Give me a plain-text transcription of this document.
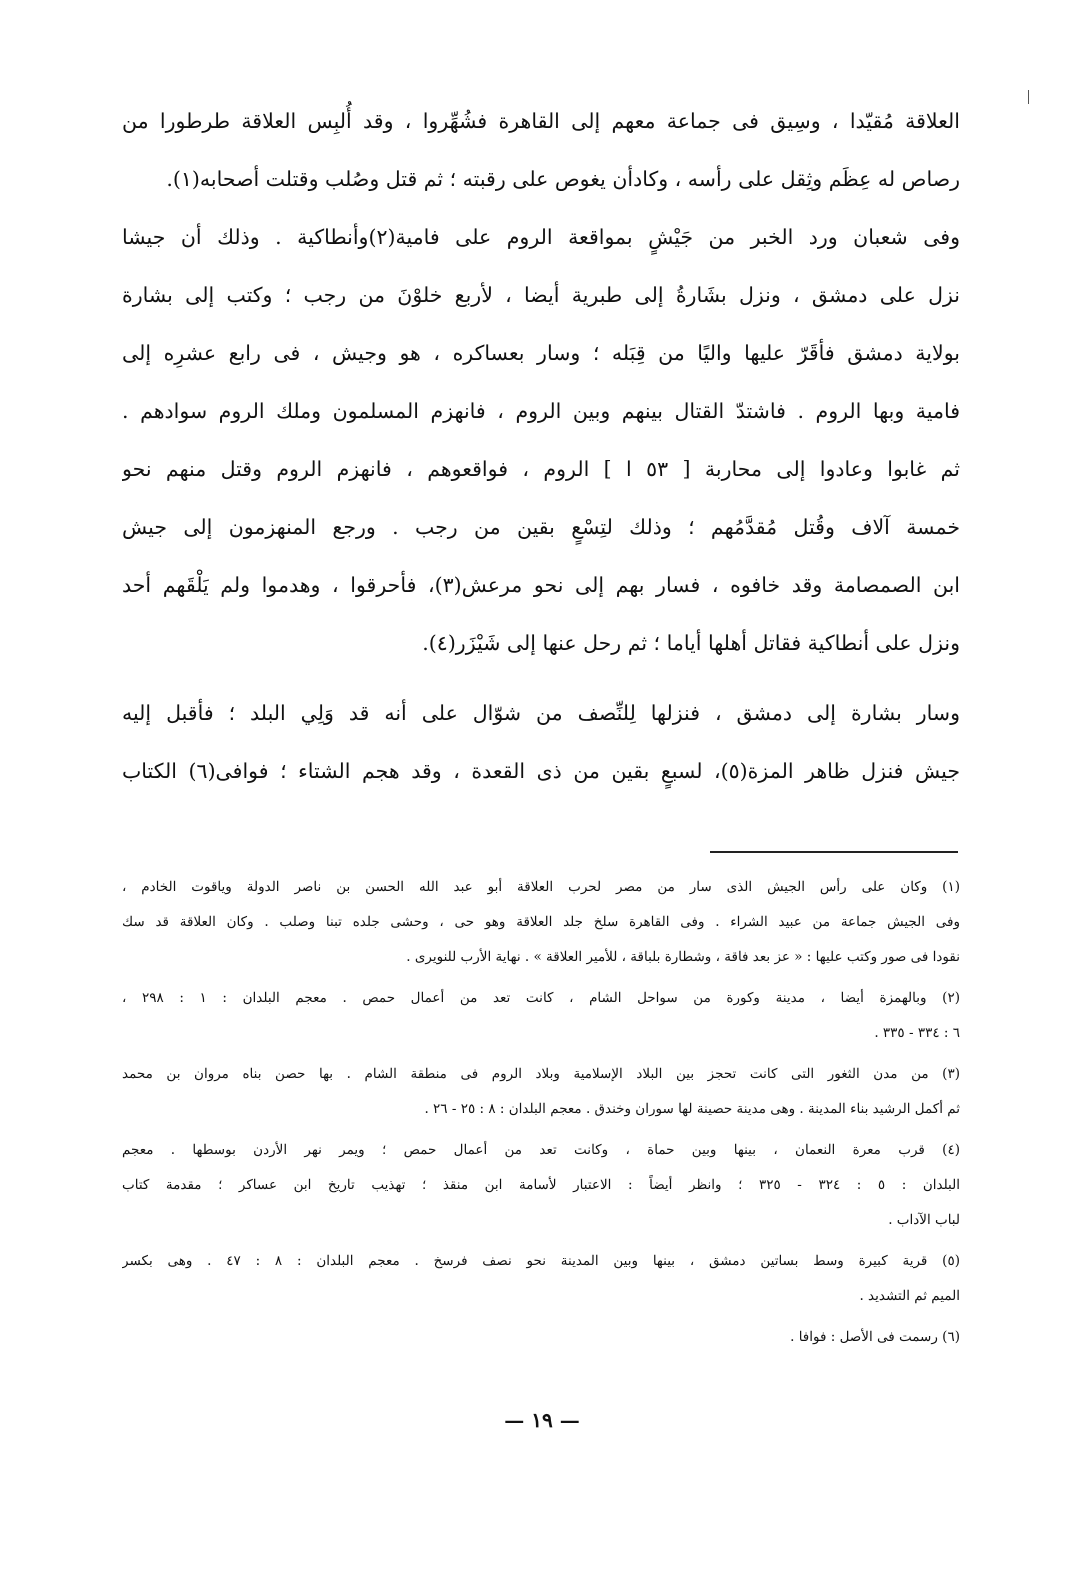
العلاقة مُقيّدا ، وسِيق فى جماعة معهم إلى القاهرة فشُهِّروا ، وقد أُلبِس العلاقة طرطورا من
رصاص له عِظَم وثِقل على رأسه ، وكادأن يغوص على رقبته ؛ ثم قتل وصُلب وقتلت أصحابه(١).
وفى شعبان ورد الخبر من جَيْشٍ بمواقعة الروم على فامية(٢)وأنطاكية . وذلك أن جيشا
نزل على دمشق ، ونزل بشَارةُ إلى طبرية أيضا ، لأربع خلوْنَ من رجب ؛ وكتب إلى بشارة
بولاية دمشق فأقَرّ عليها واليًا من قِبَله ؛ وسار بعساكره ، هو وجيش ، فى رابع عشرِه إلى
فامية وبها الروم . فاشتدّ القتال بينهم وبين الروم ، فانهزم المسلمون وملك الروم سوادهم .
ثم غابوا وعادوا إلى محاربة [ ٥٣ ا ] الروم ، فواقعوهم ، فانهزم الروم وقتل منهم نحو
خمسة آلاف وقُتل مُقدَّمُهم ؛ وذلك لتِسْعٍ بقين من رجب . ورجع المنهزمون إلى جيش
ابن الصمصامة وقد خافوه ، فسار بهم إلى نحو مرعش(٣)، فأحرقوا ، وهدموا ولم يَلْقَهم أحد
ونزل على أنطاكية فقاتل أهلها أياما ؛ ثم رحل عنها إلى شَيْزَر(٤).
وسار بشارة إلى دمشق ، فنزلها لِلنِّصف من شوّال على أنه قد وَلِي البلد ؛ فأقبل إليه
جيش فنزل ظاهر المزة(٥)، لسبعٍ بقين من ذى القعدة ، وقد هجم الشتاء ؛ فوافى(٦) الكتاب
(١) وكان على رأس الجيش الذى سار من مصر لحرب العلاقة أبو عبد الله الحسن بن ناصر الدولة وياقوت الخادم ،
وفى الجيش جماعة من عبيد الشراء . وفى القاهرة سلخ جلد العلاقة وهو حى ، وحشى جلده تبنا وصلب . وكان العلاقة قد سك
نقودا فى صور وكتب عليها : « عز بعد فاقة ، وشطارة بلباقة ، للأمير العلاقة » . نهاية الأرب للنويرى .
(٢) وبالهمزة أيضا ، مدينة وكورة من سواحل الشام ، كانت تعد من أعمال حمص . معجم البلدان : ١ : ٢٩٨ ،
٦ : ٣٣٤ - ٣٣٥ .
(٣) من مدن الثغور التى كانت تحجز بين البلاد الإسلامية وبلاد الروم فى منطقة الشام . بها حصن بناه مروان بن محمد
ثم أكمل الرشيد بناء المدينة . وهى مدينة حصينة لها سوران وخندق . معجم البلدان : ٨ : ٢٥ - ٢٦ .
(٤) قرب معرة النعمان ، بينها وبين حماة ، وكانت تعد من أعمال حمص ؛ ويمر نهر الأردن بوسطها . معجم
البلدان : ٥ : ٣٢٤ - ٣٢٥ ؛ وانظر أيضاً : الاعتبار لأسامة ابن منقذ ؛ تهذيب تاريخ ابن عساكر ؛ مقدمة كتاب
لباب الآداب .
(٥) قرية كبيرة وسط بساتين دمشق ، بينها وبين المدينة نحو نصف فرسخ . معجم البلدان : ٨ : ٤٧ . وهى بكسر
الميم ثم التشديد .
(٦) رسمت فى الأصل : فوافا .
— ١٩ —
